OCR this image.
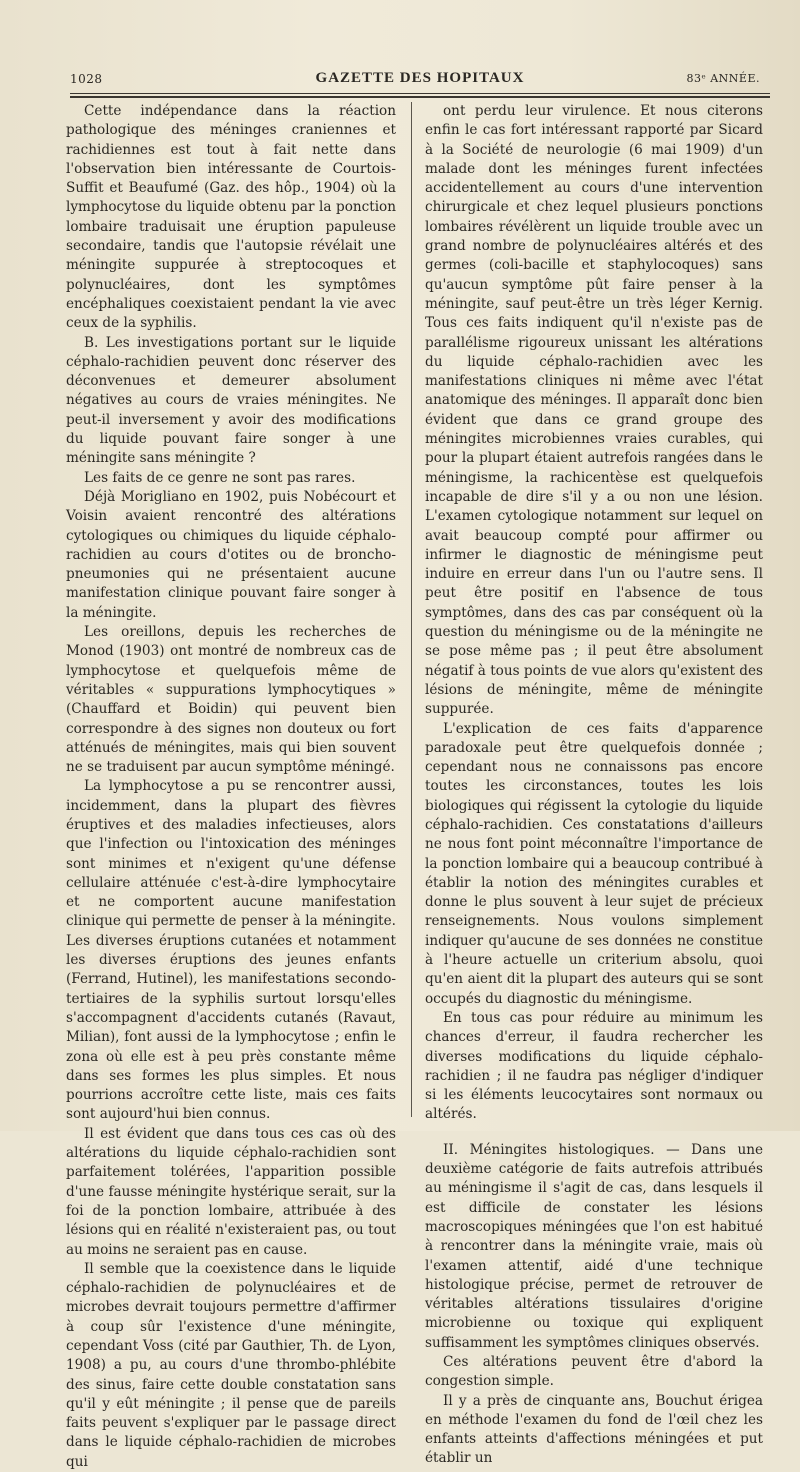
1028	GAZETTE DES HOPITAUX	83ᵉ ANNÉE.

Cette indépendance dans la réaction pathologique des méninges craniennes et rachidiennes est tout à fait nette dans l'observation bien intéressante de Courtois-Suffit et Beaufumé (Gaz. des hôp., 1904) où la lymphocytose du liquide obtenu par la ponction lombaire traduisait une éruption papuleuse secondaire, tandis que l'autopsie révélait une méningite suppurée à streptocoques et polynucléaires, dont les symptômes encéphaliques coexistaient pendant la vie avec ceux de la syphilis.

B. Les investigations portant sur le liquide céphalo-rachidien peuvent donc réserver des déconvenues et demeurer absolument négatives au cours de vraies méningites. Ne peut-il inversement y avoir des modifications du liquide pouvant faire songer à une méningite sans méningite ?

Les faits de ce genre ne sont pas rares.

Déjà Morigliano en 1902, puis Nobécourt et Voisin avaient rencontré des altérations cytologiques ou chimiques du liquide céphalo-rachidien au cours d'otites ou de broncho-pneumonies qui ne présentaient aucune manifestation clinique pouvant faire songer à la méningite.

Les oreillons, depuis les recherches de Monod (1903) ont montré de nombreux cas de lymphocytose et quelquefois même de véritables « suppurations lymphocytiques » (Chauffard et Boidin) qui peuvent bien correspondre à des signes non douteux ou fort atténués de méningites, mais qui bien souvent ne se traduisent par aucun symptôme méningé.

La lymphocytose a pu se rencontrer aussi, incidemment, dans la plupart des fièvres éruptives et des maladies infectieuses, alors que l'infection ou l'intoxication des méninges sont minimes et n'exigent qu'une défense cellulaire atténuée c'est-à-dire lymphocytaire et ne comportent aucune manifestation clinique qui permette de penser à la méningite. Les diverses éruptions cutanées et notamment les diverses éruptions des jeunes enfants (Ferrand, Hutinel), les manifestations secondo-tertiaires de la syphilis surtout lorsqu'elles s'accompagnent d'accidents cutanés (Ravaut, Milian), font aussi de la lymphocytose ; enfin le zona où elle est à peu près constante même dans ses formes les plus simples. Et nous pourrions accroître cette liste, mais ces faits sont aujourd'hui bien connus.

Il est évident que dans tous ces cas où des altérations du liquide céphalo-rachidien sont parfaitement tolérées, l'apparition possible d'une fausse méningite hystérique serait, sur la foi de la ponction lombaire, attribuée à des lésions qui en réalité n'existeraient pas, ou tout au moins ne seraient pas en cause.

Il semble que la coexistence dans le liquide céphalo-rachidien de polynucléaires et de microbes devrait toujours permettre d'affirmer à coup sûr l'existence d'une méningite, cependant Voss (cité par Gauthier, Th. de Lyon, 1908) a pu, au cours d'une thrombo-phlébite des sinus, faire cette double constatation sans qu'il y eût méningite ; il pense que de pareils faits peuvent s'expliquer par le passage direct dans le liquide céphalo-rachidien de microbes qui

ont perdu leur virulence. Et nous citerons enfin le cas fort intéressant rapporté par Sicard à la Société de neurologie (6 mai 1909) d'un malade dont les méninges furent infectées accidentellement au cours d'une intervention chirurgicale et chez lequel plusieurs ponctions lombaires révélèrent un liquide trouble avec un grand nombre de polynucléaires altérés et des germes (coli-bacille et staphylocoques) sans qu'aucun symptôme pût faire penser à la méningite, sauf peut-être un très léger Kernig. Tous ces faits indiquent qu'il n'existe pas de parallélisme rigoureux unissant les altérations du liquide céphalo-rachidien avec les manifestations cliniques ni même avec l'état anatomique des méninges. Il apparaît donc bien évident que dans ce grand groupe des méningites microbiennes vraies curables, qui pour la plupart étaient autrefois rangées dans le méningisme, la rachicentèse est quelquefois incapable de dire s'il y a ou non une lésion. L'examen cytologique notamment sur lequel on avait beaucoup compté pour affirmer ou infirmer le diagnostic de méningisme peut induire en erreur dans l'un ou l'autre sens. Il peut être positif en l'absence de tous symptômes, dans des cas par conséquent où la question du méningisme ou de la méningite ne se pose même pas ; il peut être absolument négatif à tous points de vue alors qu'existent des lésions de méningite, même de méningite suppurée.

L'explication de ces faits d'apparence paradoxale peut être quelquefois donnée ; cependant nous ne connaissons pas encore toutes les circonstances, toutes les lois biologiques qui régissent la cytologie du liquide céphalo-rachidien. Ces constatations d'ailleurs ne nous font point méconnaître l'importance de la ponction lombaire qui a beaucoup contribué à établir la notion des méningites curables et donne le plus souvent à leur sujet de précieux renseignements. Nous voulons simplement indiquer qu'aucune de ses données ne constitue à l'heure actuelle un criterium absolu, quoi qu'en aient dit la plupart des auteurs qui se sont occupés du diagnostic du méningisme.

En tous cas pour réduire au minimum les chances d'erreur, il faudra rechercher les diverses modifications du liquide céphalo-rachidien ; il ne faudra pas négliger d'indiquer si les éléments leucocytaires sont normaux ou altérés.

II. Méningites histologiques. — Dans une deuxième catégorie de faits autrefois attribués au méningisme il s'agit de cas, dans lesquels il est difficile de constater les lésions macroscopiques méningées que l'on est habitué à rencontrer dans la méningite vraie, mais où l'examen attentif, aidé d'une technique histologique précise, permet de retrouver de véritables altérations tissulaires d'origine microbienne ou toxique qui expliquent suffisamment les symptômes cliniques observés.

Ces altérations peuvent être d'abord la congestion simple.

Il y a près de cinquante ans, Bouchut érigea en méthode l'examen du fond de l'œil chez les enfants atteints d'affections méningées et put établir un
